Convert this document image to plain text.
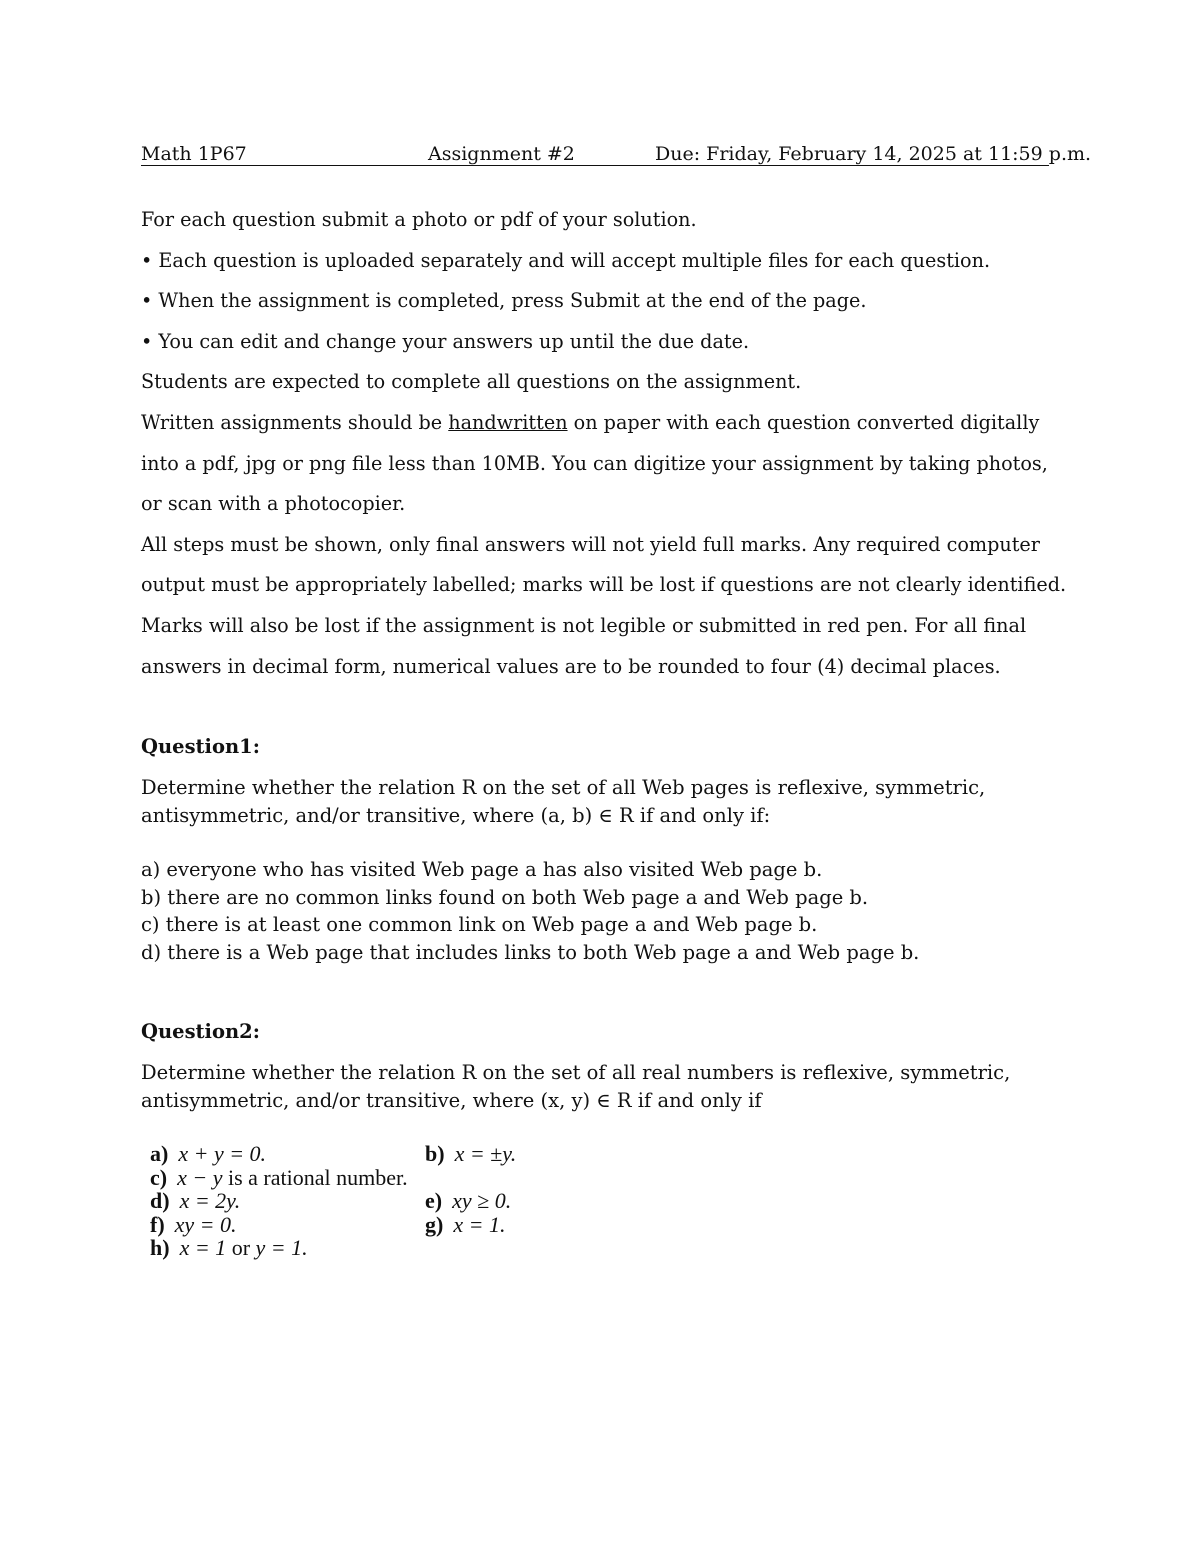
Math 1P67	Assignment #2	Due: Friday, February 14, 2025 at 11:59 p.m.

For each question submit a photo or pdf of your solution.

• Each question is uploaded separately and will accept multiple files for each question.

• When the assignment is completed, press Submit at the end of the page.

• You can edit and change your answers up until the due date.

Students are expected to complete all questions on the assignment.

Written assignments should be handwritten on paper with each question converted digitally into a pdf, jpg or png file less than 10MB. You can digitize your assignment by taking photos, or scan with a photocopier.

All steps must be shown, only final answers will not yield full marks. Any required computer output must be appropriately labelled; marks will be lost if questions are not clearly identified. Marks will also be lost if the assignment is not legible or submitted in red pen. For all final answers in decimal form, numerical values are to be rounded to four (4) decimal places.

Question1:

Determine whether the relation R on the set of all Web pages is reflexive, symmetric, antisymmetric, and/or transitive, where (a, b) ∈ R if and only if:

a) everyone who has visited Web page a has also visited Web page b.
b) there are no common links found on both Web page a and Web page b.
c) there is at least one common link on Web page a and Web page b.
d) there is a Web page that includes links to both Web page a and Web page b.
Question2:

Determine whether the relation R on the set of all real numbers is reflexive, symmetric, antisymmetric, and/or transitive, where (x, y) ∈ R if and only if

a) x + y = 0.	b) x = ±y.
c) x − y is a rational number.
d) x = 2y.	e) xy ≥ 0.
f) xy = 0.	g) x = 1.
h) x = 1 or y = 1.
